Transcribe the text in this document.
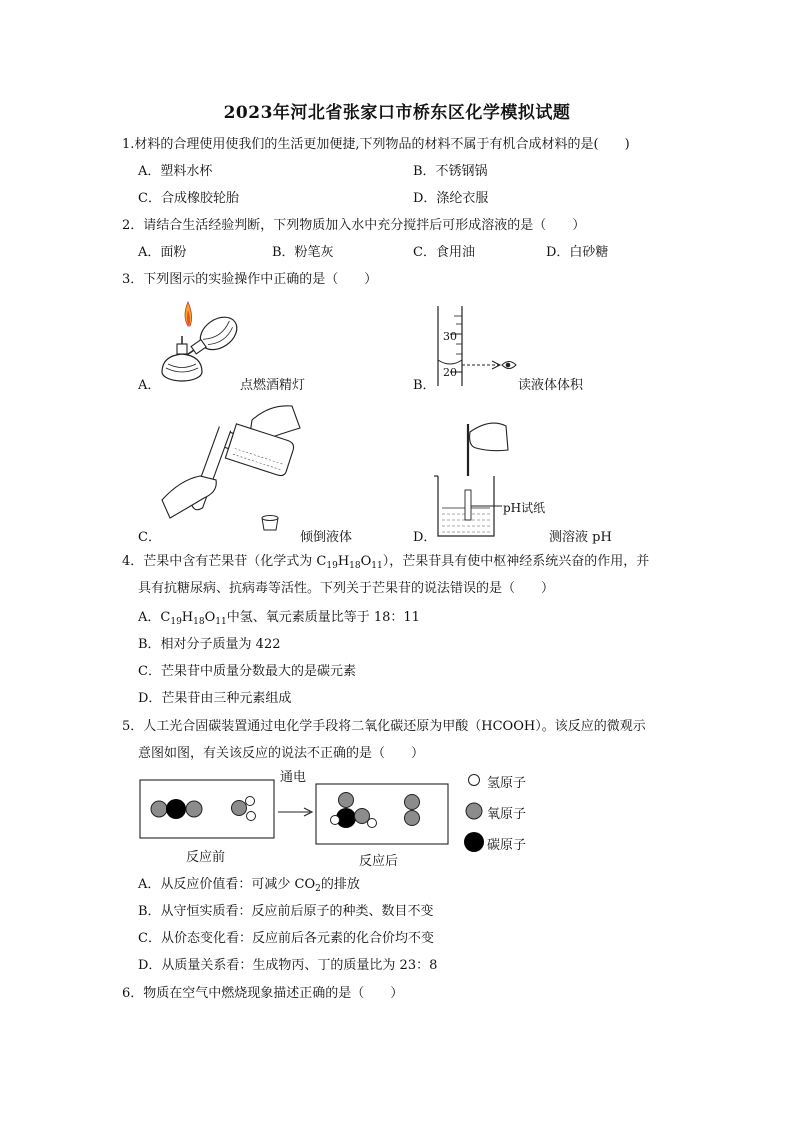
2023年河北省张家口市桥东区化学模拟试题
1.材料的合理使用使我们的生活更加便捷,下列物品的材料不属于有机合成材料的是(　　)
A．塑料水杯	B．不锈钢锅
C．合成橡胶轮胎	D．涤纶衣服
2．请结合生活经验判断，下列物质加入水中充分搅拌后可形成溶液的是（　　）
A．面粉	B．粉笔灰	C．食用油	D．白砂糖
3．下列图示的实验操作中正确的是（　　）
A．	点燃酒精灯
30
20
B．	读液体体积
C．	倾倒液体
pH试纸
D．	测溶液 pH
4．芒果中含有芒果苷（化学式为 $C_{19}H_{18}O_{11}$），芒果苷具有使中枢神经系统兴奋的作用，并
具有抗糖尿病、抗病毒等活性。下列关于芒果苷的说法错误的是（　　）
A．$C_{19}H_{18}O_{11}$中氢、氧元素质量比等于 18：11
B．相对分子质量为 422
C．芒果苷中质量分数最大的是碳元素
D．芒果苷由三种元素组成
5．人工光合固碳装置通过电化学手段将二氧化碳还原为甲酸（HCOOH）。该反应的微观示
意图如图，有关该反应的说法不正确的是（　　）
通电
反应前	反应后
氢原子
氧原子
碳原子
A．从反应价值看：可减少 $CO_2$的排放
B．从守恒实质看：反应前后原子的种类、数目不变
C．从价态变化看：反应前后各元素的化合价均不变
D．从质量关系看：生成物丙、丁的质量比为 23：8
6．物质在空气中燃烧现象描述正确的是（　　）
